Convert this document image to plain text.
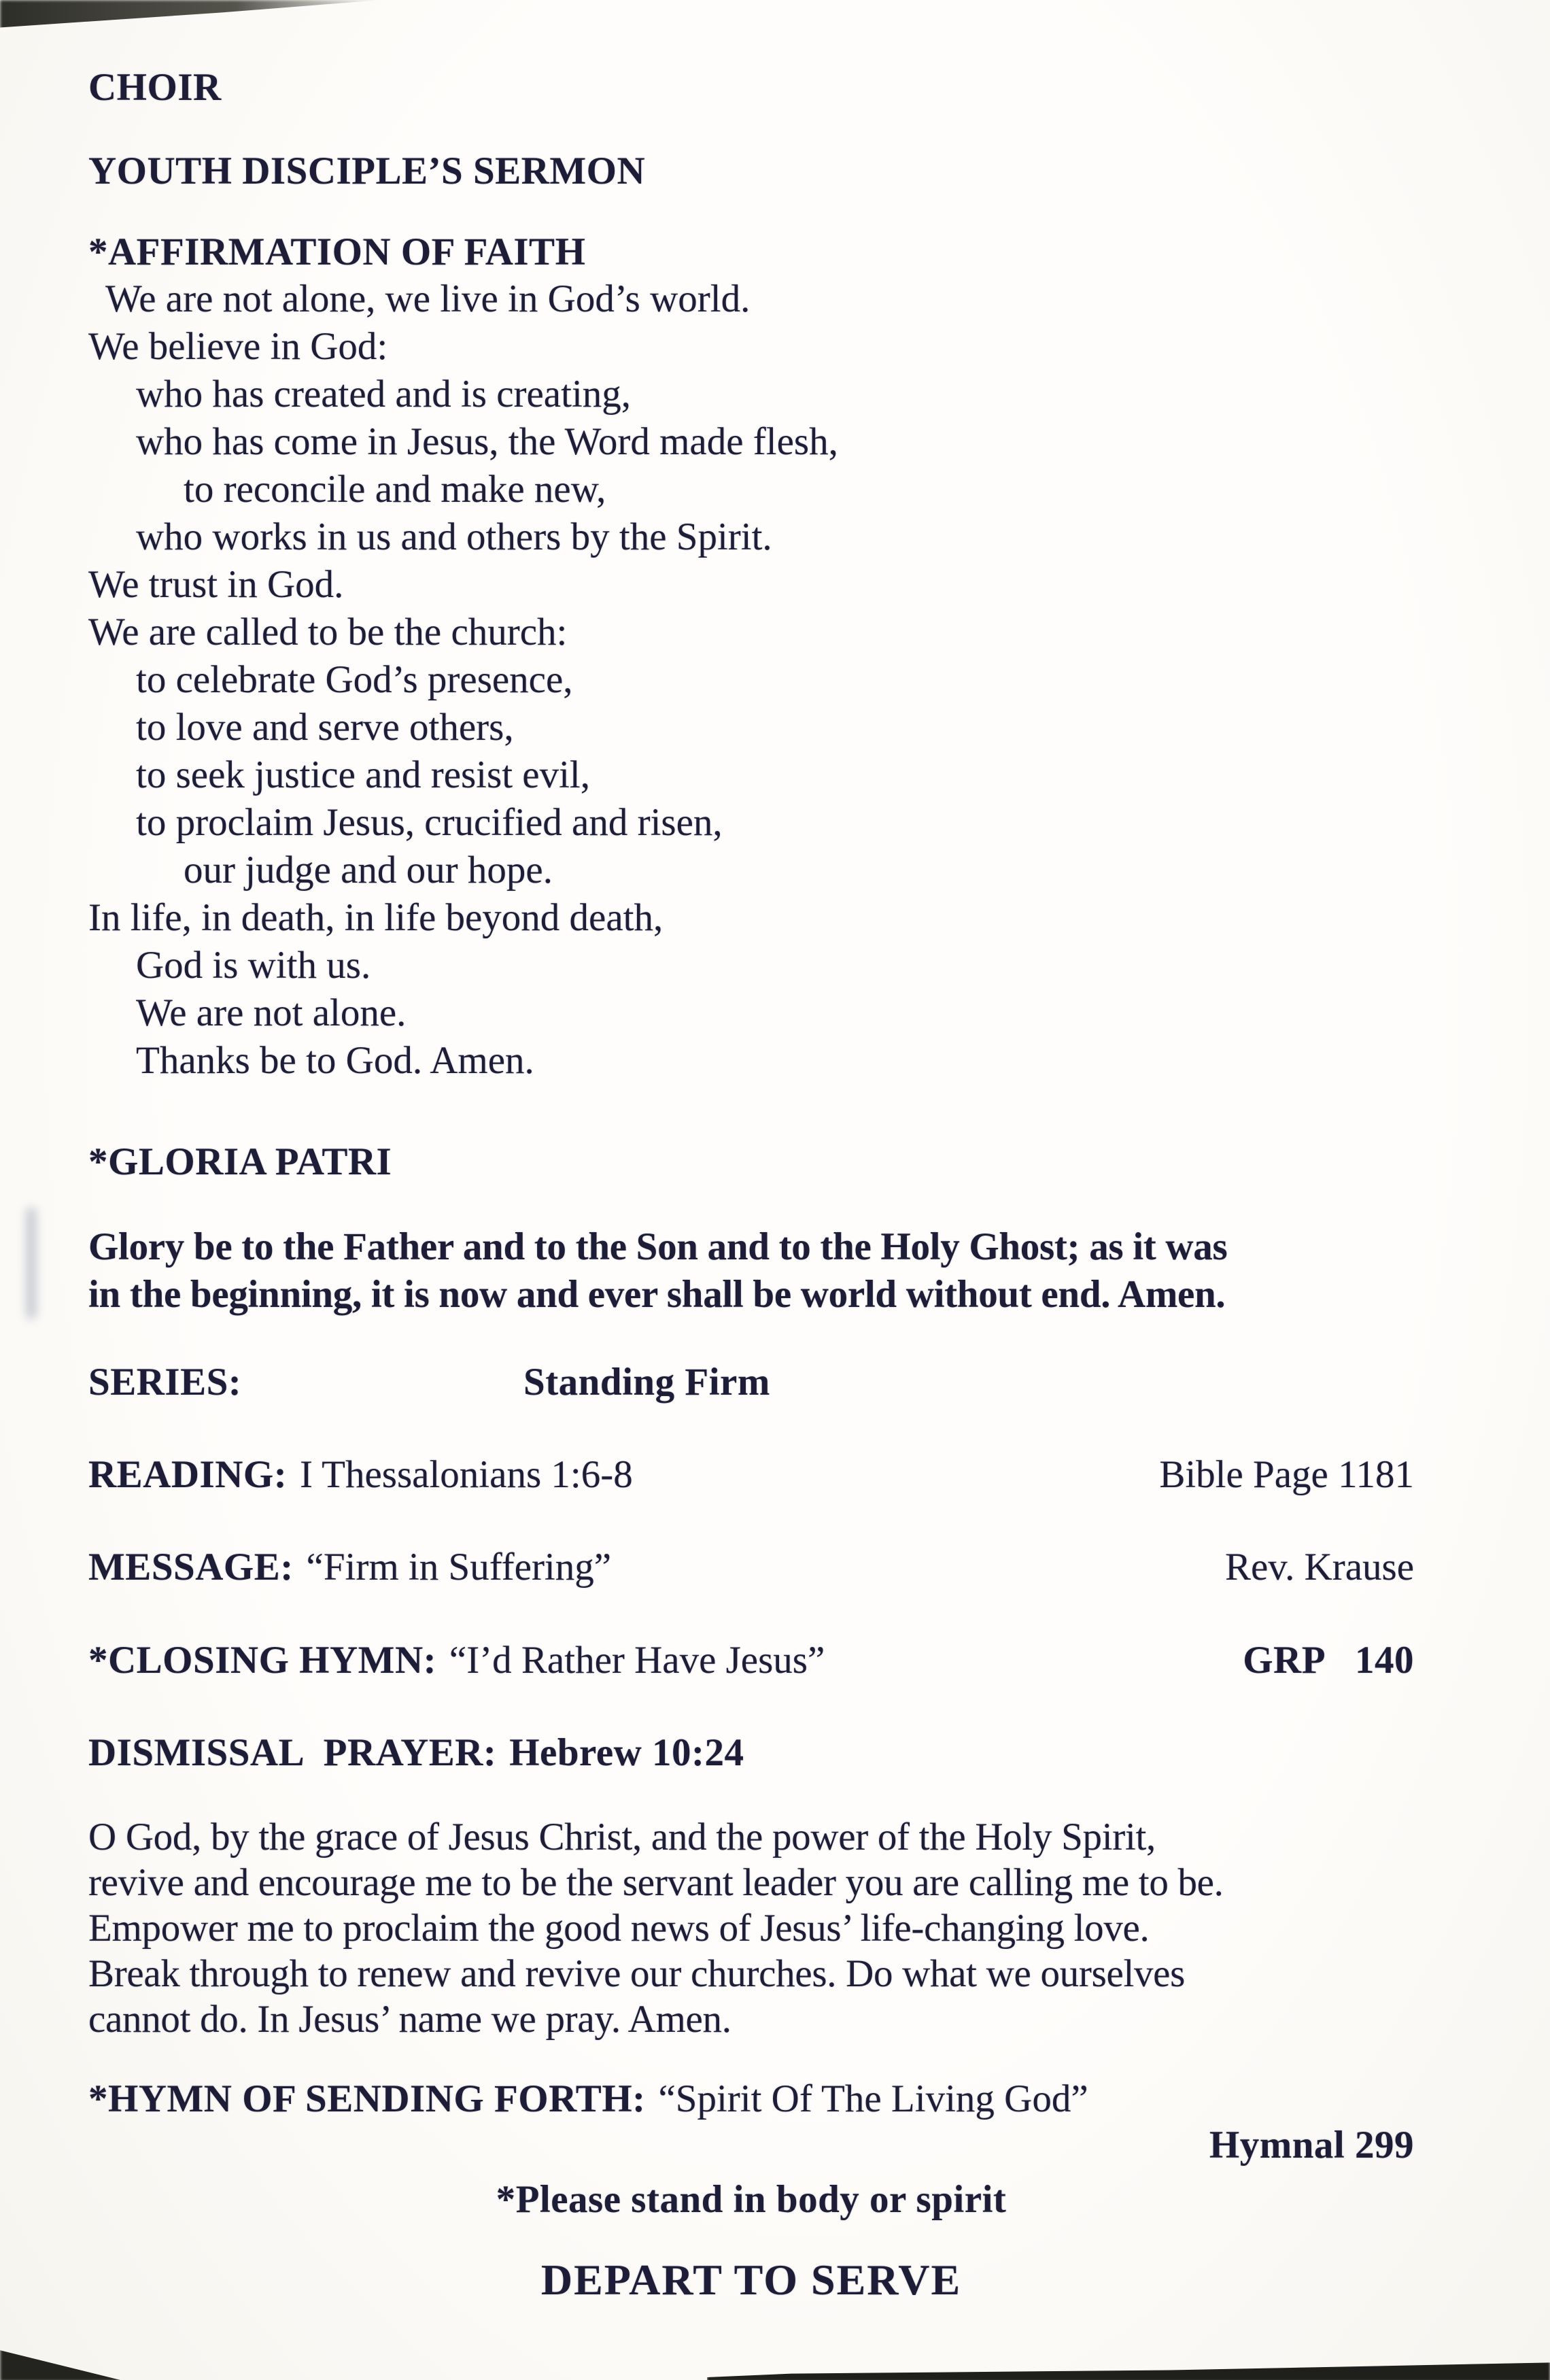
CHOIR
YOUTH DISCIPLE’S SERMON
*AFFIRMATION OF FAITH
We are not alone, we live in God’s world.
We believe in God:
who has created and is creating,
who has come in Jesus, the Word made flesh,
to reconcile and make new,
who works in us and others by the Spirit.
We trust in God.
We are called to be the church:
to celebrate God’s presence,
to love and serve others,
to seek justice and resist evil,
to proclaim Jesus, crucified and risen,
our judge and our hope.
In life, in death, in life beyond death,
God is with us.
We are not alone.
Thanks be to God. Amen.
*GLORIA PATRI
Glory be to the Father and to the Son and to the Holy Ghost; as it was
in the beginning, it is now and ever shall be world without end. Amen.
SERIES:	Standing Firm
READING: I Thessalonians 1:6-8	Bible Page 1181
MESSAGE: “Firm in Suffering”	Rev. Krause
*CLOSING HYMN: “I’d Rather Have Jesus”	GRP 140
DISMISSAL PRAYER: Hebrew 10:24
O God, by the grace of Jesus Christ, and the power of the Holy Spirit,
revive and encourage me to be the servant leader you are calling me to be.
Empower me to proclaim the good news of Jesus’ life-changing love.
Break through to renew and revive our churches. Do what we ourselves
cannot do. In Jesus’ name we pray. Amen.
*HYMN OF SENDING FORTH: “Spirit Of The Living God”
Hymnal 299
*Please stand in body or spirit
DEPART TO SERVE
